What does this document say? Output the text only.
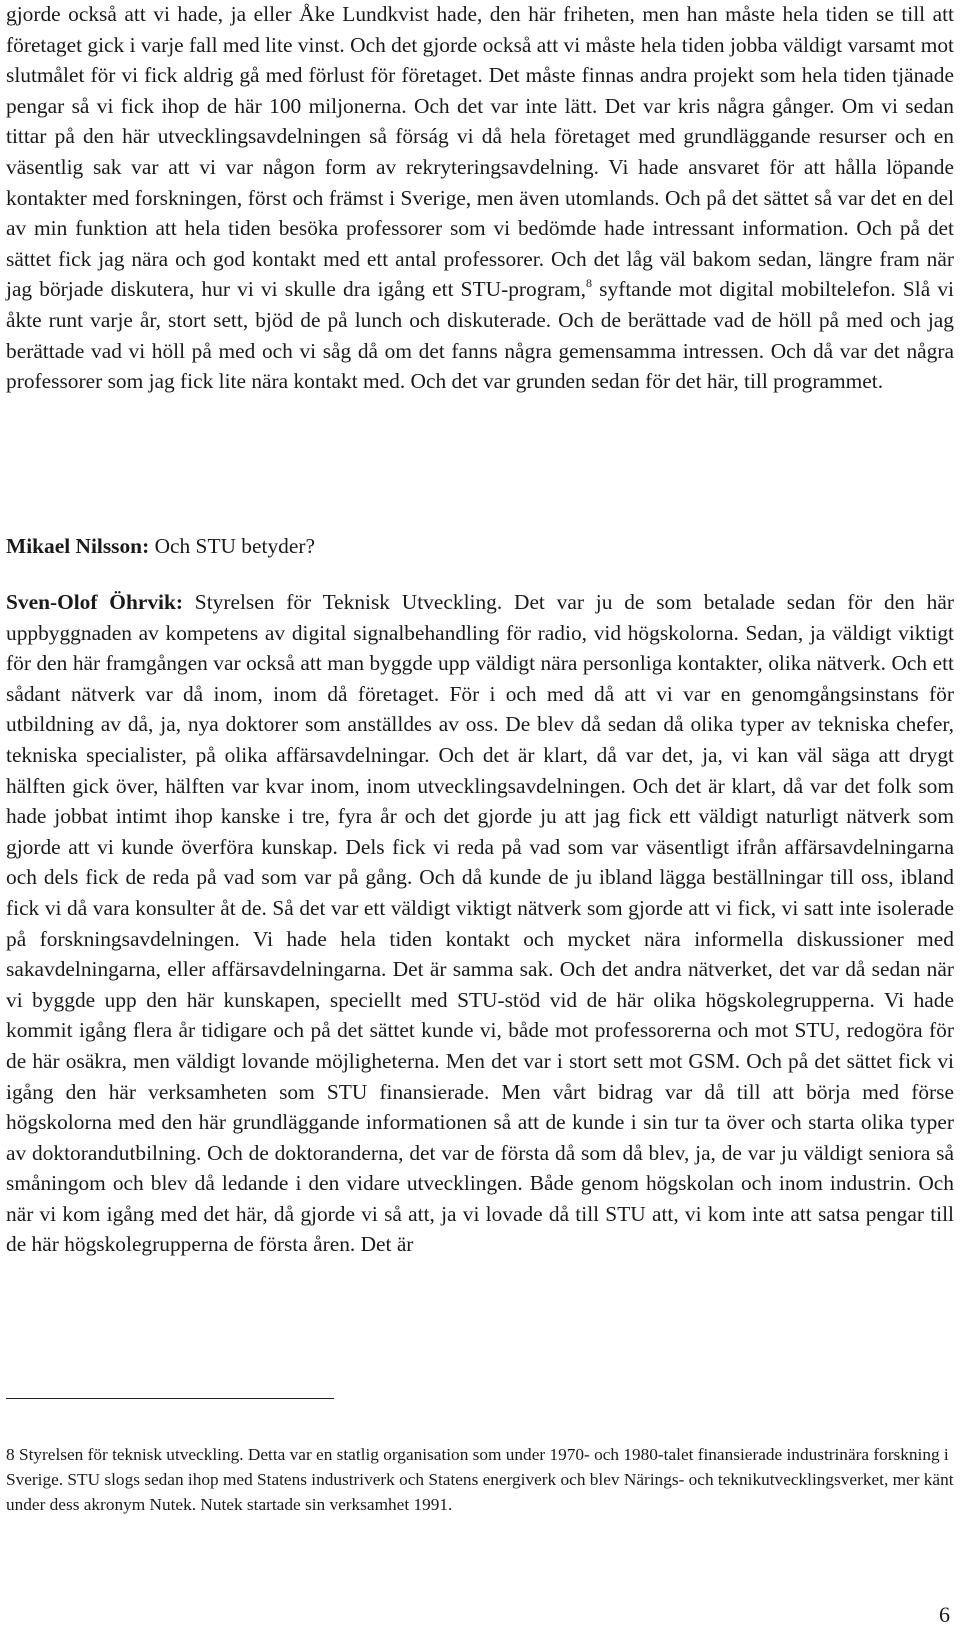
gjorde också att vi hade, ja eller Åke Lundkvist hade, den här friheten, men han måste hela tiden se till att företaget gick i varje fall med lite vinst. Och det gjorde också att vi måste hela tiden jobba väldigt varsamt mot slutmålet för vi fick aldrig gå med förlust för företaget. Det måste finnas andra projekt som hela tiden tjänade pengar så vi fick ihop de här 100 miljonerna. Och det var inte lätt. Det var kris några gånger. Om vi sedan tittar på den här utvecklingsavdelningen så förság vi då hela företaget med grundläggande resurser och en väsentlig sak var att vi var någon form av rekryteringsavdelning. Vi hade ansvaret för att hålla löpande kontakter med forskningen, först och främst i Sverige, men även utomlands. Och på det sättet så var det en del av min funktion att hela tiden besöka professorer som vi bedömde hade intressant information. Och på det sättet fick jag nära och god kontakt med ett antal professorer. Och det låg väl bakom sedan, längre fram när jag började diskutera, hur vi vi skulle dra igång ett STU-program,$^8$ syftande mot digital mobiltelefon. Slå vi åkte runt varje år, stort sett, bjöd de på lunch och diskuterade. Och de berättade vad de höll på med och jag berättade vad vi höll på med och vi såg då om det fanns några gemensamma intressen. Och då var det några professorer som jag fick lite nära kontakt med. Och det var grunden sedan för det här, till programmet.

Mikael Nilsson: Och STU betyder?

Sven-Olof Öhrvik: Styrelsen för Teknisk Utveckling. Det var ju de som betalade sedan för den här uppbyggnaden av kompetens av digital signalbehandling för radio, vid högskolorna. Sedan, ja väldigt viktigt för den här framgången var också att man byggde upp väldigt nära personliga kontakter, olika nätverk. Och ett sådant nätverk var då inom, inom då företaget. För i och med då att vi var en genomgångsinstans för utbildning av då, ja, nya doktorer som anställdes av oss. De blev då sedan då olika typer av tekniska chefer, tekniska specialister, på olika affärsavdelningar. Och det är klart, då var det, ja, vi kan väl säga att drygt hälften gick över, hälften var kvar inom, inom utvecklingsavdelningen. Och det är klart, då var det folk som hade jobbat intimt ihop kanske i tre, fyra år och det gjorde ju att jag fick ett väldigt naturligt nätverk som gjorde att vi kunde överföra kunskap. Dels fick vi reda på vad som var väsentligt ifrån affärsavdelningarna och dels fick de reda på vad som var på gång. Och då kunde de ju ibland lägga beställningar till oss, ibland fick vi då vara konsulter åt de. Så det var ett väldigt viktigt nätverk som gjorde att vi fick, vi satt inte isolerade på forskningsavdelningen. Vi hade hela tiden kontakt och mycket nära informella diskussioner med sakavdelningarna, eller affärsavdelningarna. Det är samma sak. Och det andra nätverket, det var då sedan när vi byggde upp den här kunskapen, speciellt med STU-stöd vid de här olika högskolegrupperna. Vi hade kommit igång flera år tidigare och på det sättet kunde vi, både mot professorerna och mot STU, redogöra för de här osäkra, men väldigt lovande möjligheterna. Men det var i stort sett mot GSM. Och på det sättet fick vi igång den här verksamheten som STU finansierade. Men vårt bidrag var då till att börja med förse högskolorna med den här grundläggande informationen så att de kunde i sin tur ta över och starta olika typer av doktorandutbilning. Och de doktoranderna, det var de första då som då blev, ja, de var ju väldigt seniora så småningom och blev då ledande i den vidare utvecklingen. Både genom högskolan och inom industrin. Och när vi kom igång med det här, då gjorde vi så att, ja vi lovade då till STU att, vi kom inte att satsa pengar till de här högskolegrupperna de första åren. Det är

8 Styrelsen för teknisk utveckling. Detta var en statlig organisation som under 1970- och 1980-talet finansierade industrinära forskning i Sverige. STU slogs sedan ihop med Statens industriverk och Statens energiverk och blev Närings- och teknikutvecklingsverket, mer känt under dess akronym Nutek. Nutek startade sin verksamhet 1991.

6
